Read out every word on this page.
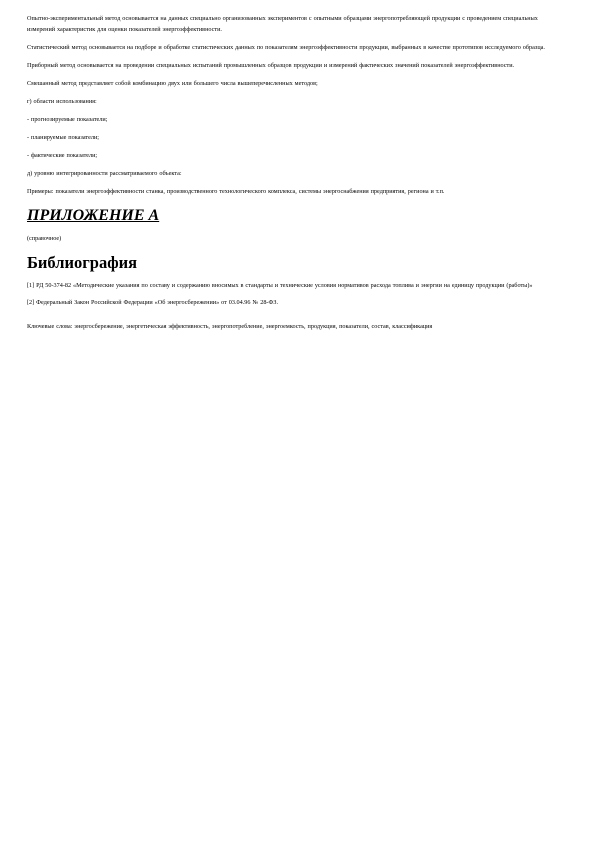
Опытно-экспериментальный метод основывается на данных специально организованных экспериментов с опытными образцами энергопотребляющей продукции с проведением специальных измерений характеристик для оценки показателей энергоэффективности.

Статистический метод основывается на подборе и обработке статистических данных по показателям энергоэффективности продукции, выбранных в качестве прототипов исследуемого образца.

Приборный метод основывается на проведении специальных испытаний промышленных образцов продукции и измерений фактических значений показателей энергоэффективности.

Смешанный метод представляет собой комбинацию двух или большего числа вышеперечисленных методов;

г) области использования:

- прогнозируемые показатели;

- планируемые показатели;

- фактические показатели;

д) уровню интегрированности рассматриваемого объекта:

Примеры: показатели энергоэффективности станка, производственного технологического комплекса, системы энергоснабжения предприятия, региона и т.п.

ПРИЛОЖЕНИЕ А

(справочное)

Библиография

[1] РД 50-374-82 «Методические указания по составу и содержанию вносимых в стандарты и технические условия нормативов расхода топлива и энергии на единицу продукции (работы)»

[2] Федеральный Закон Российской Федерации «Об энергосбережении» от 03.04.96 № 28-ФЗ.

Ключевые слова: энергосбережение, энергетическая эффективность, энергопотребление, энергоемкость, продукция, показатели, состав, классификация
